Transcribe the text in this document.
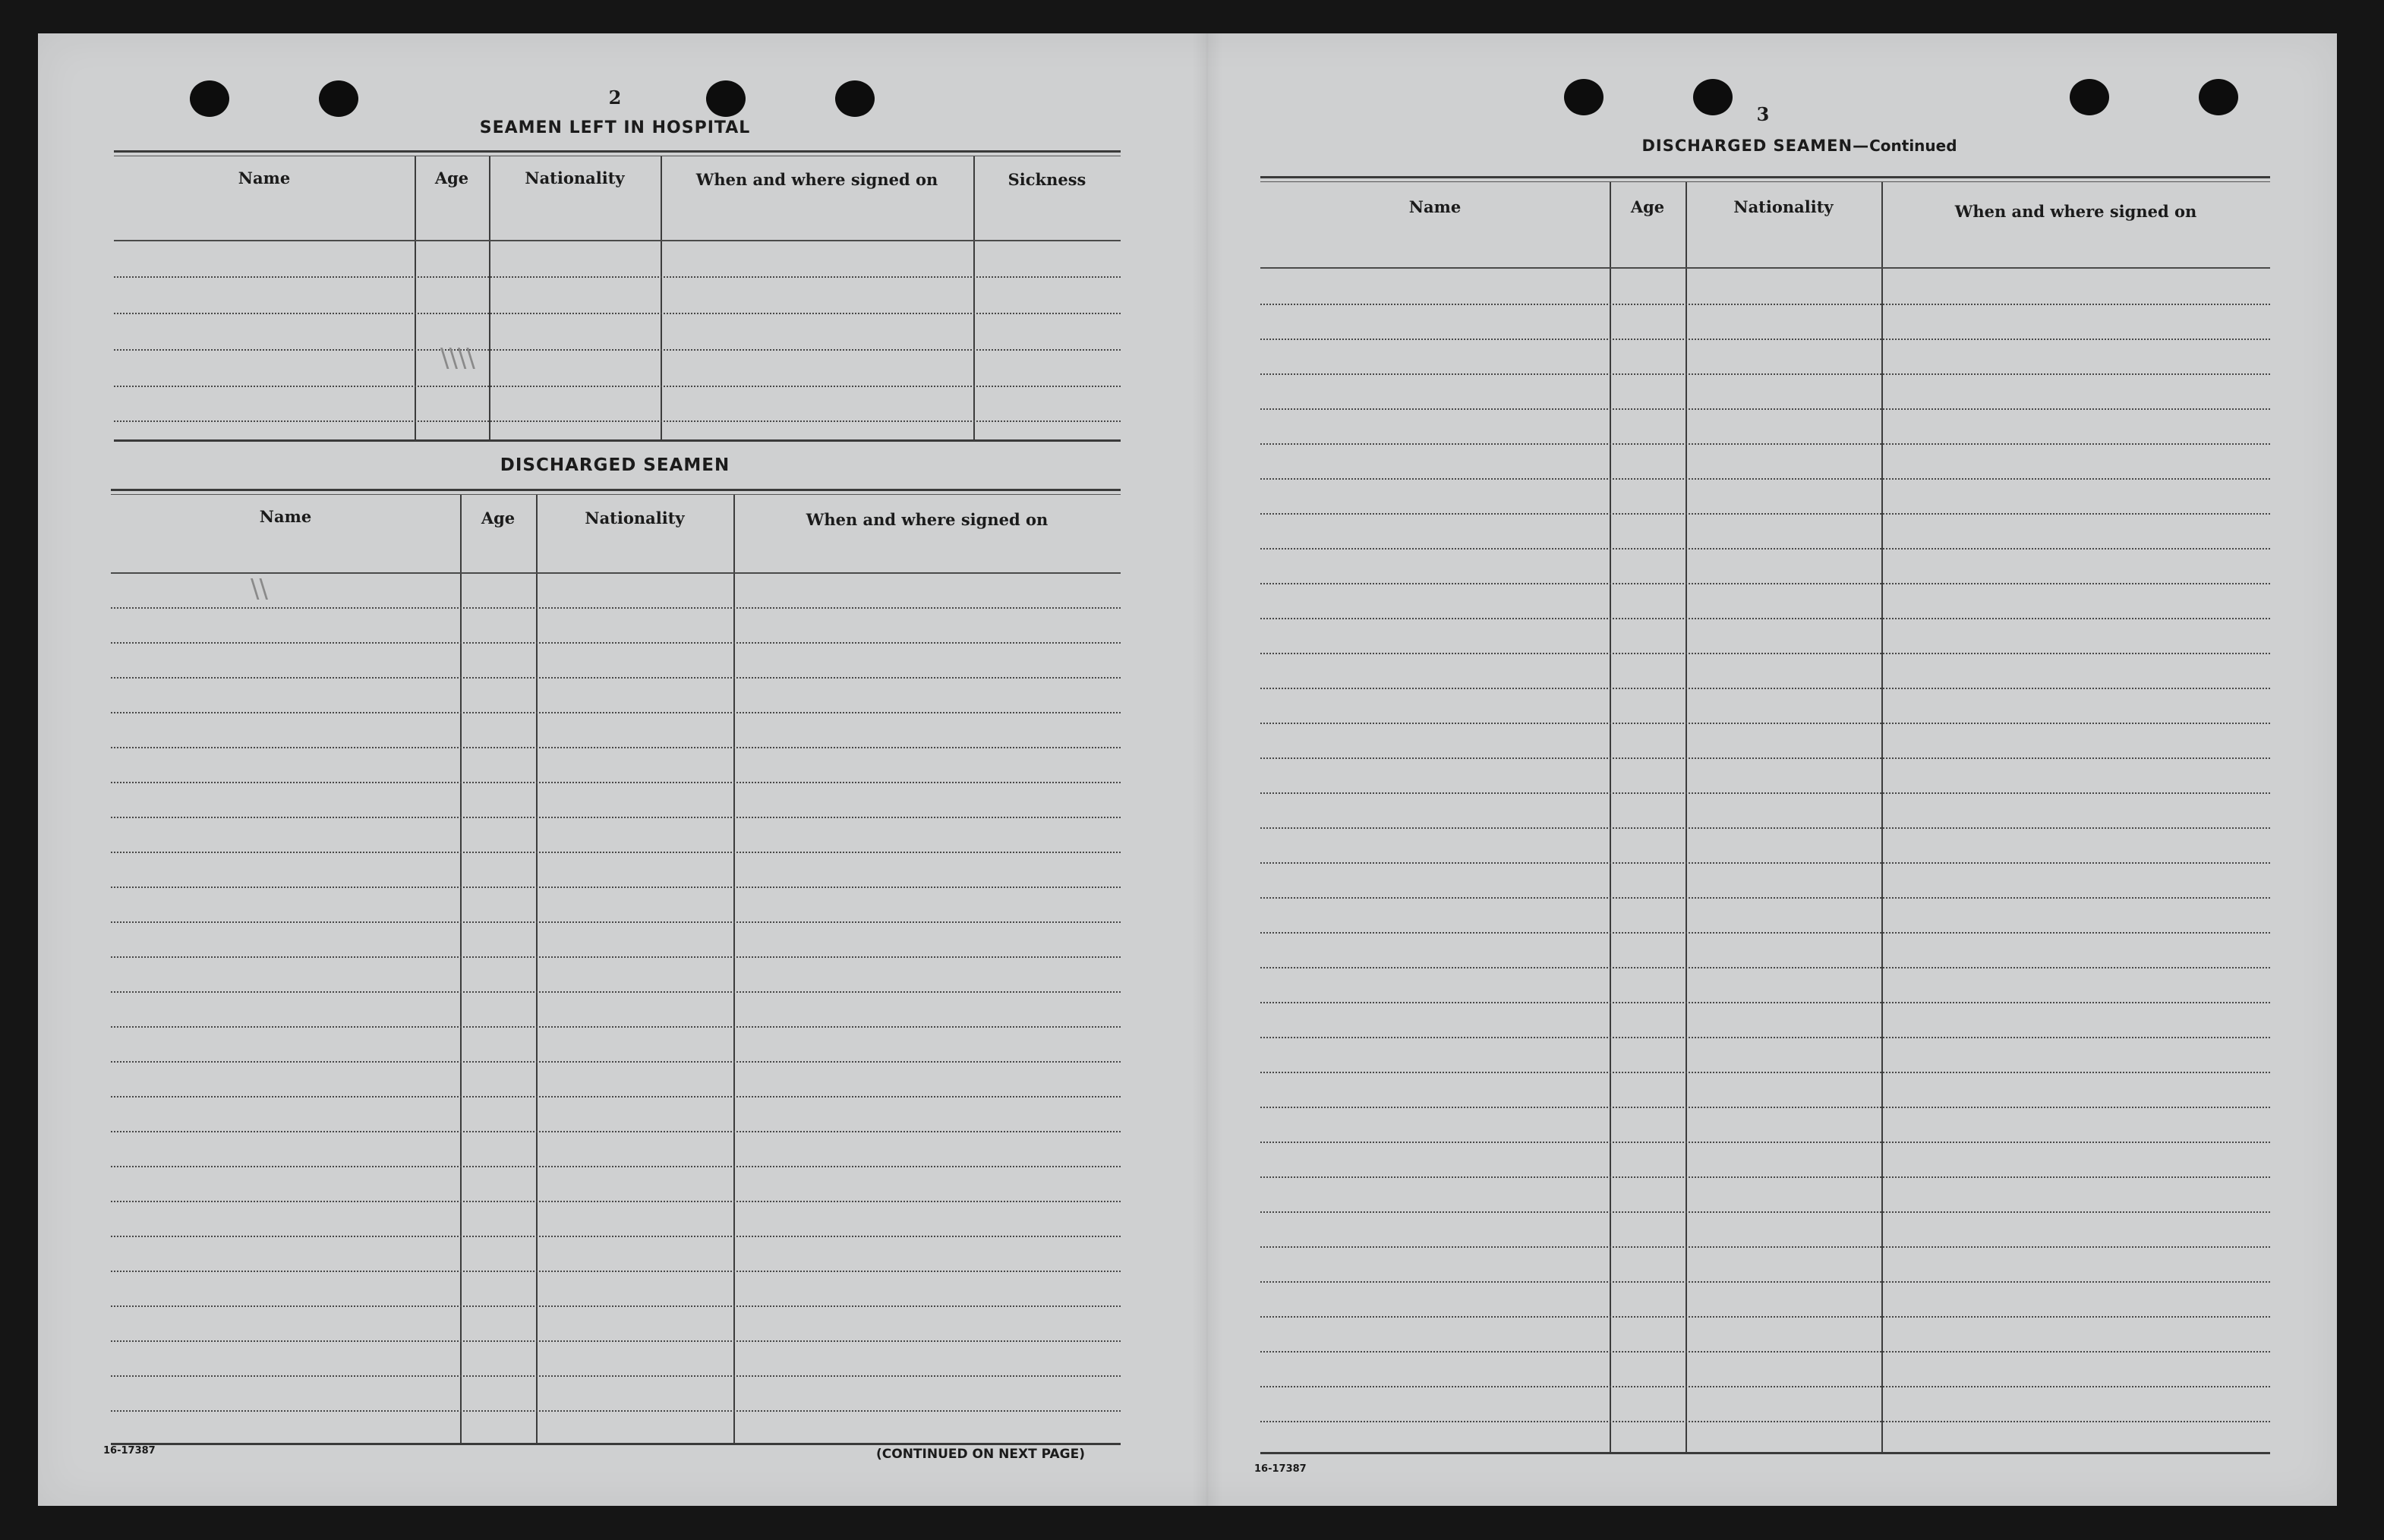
2
SEAMEN LEFT IN HOSPITAL
Name	Age	Nationality	When and where signed on	Sickness
\\\\
DISCHARGED SEAMEN
Name	Age	Nationality	When and where signed on
\\
16-17387	(CONTINUED ON NEXT PAGE)
3
DISCHARGED SEAMEN—Continued
Name	Age	Nationality	When and where signed on
16-17387
